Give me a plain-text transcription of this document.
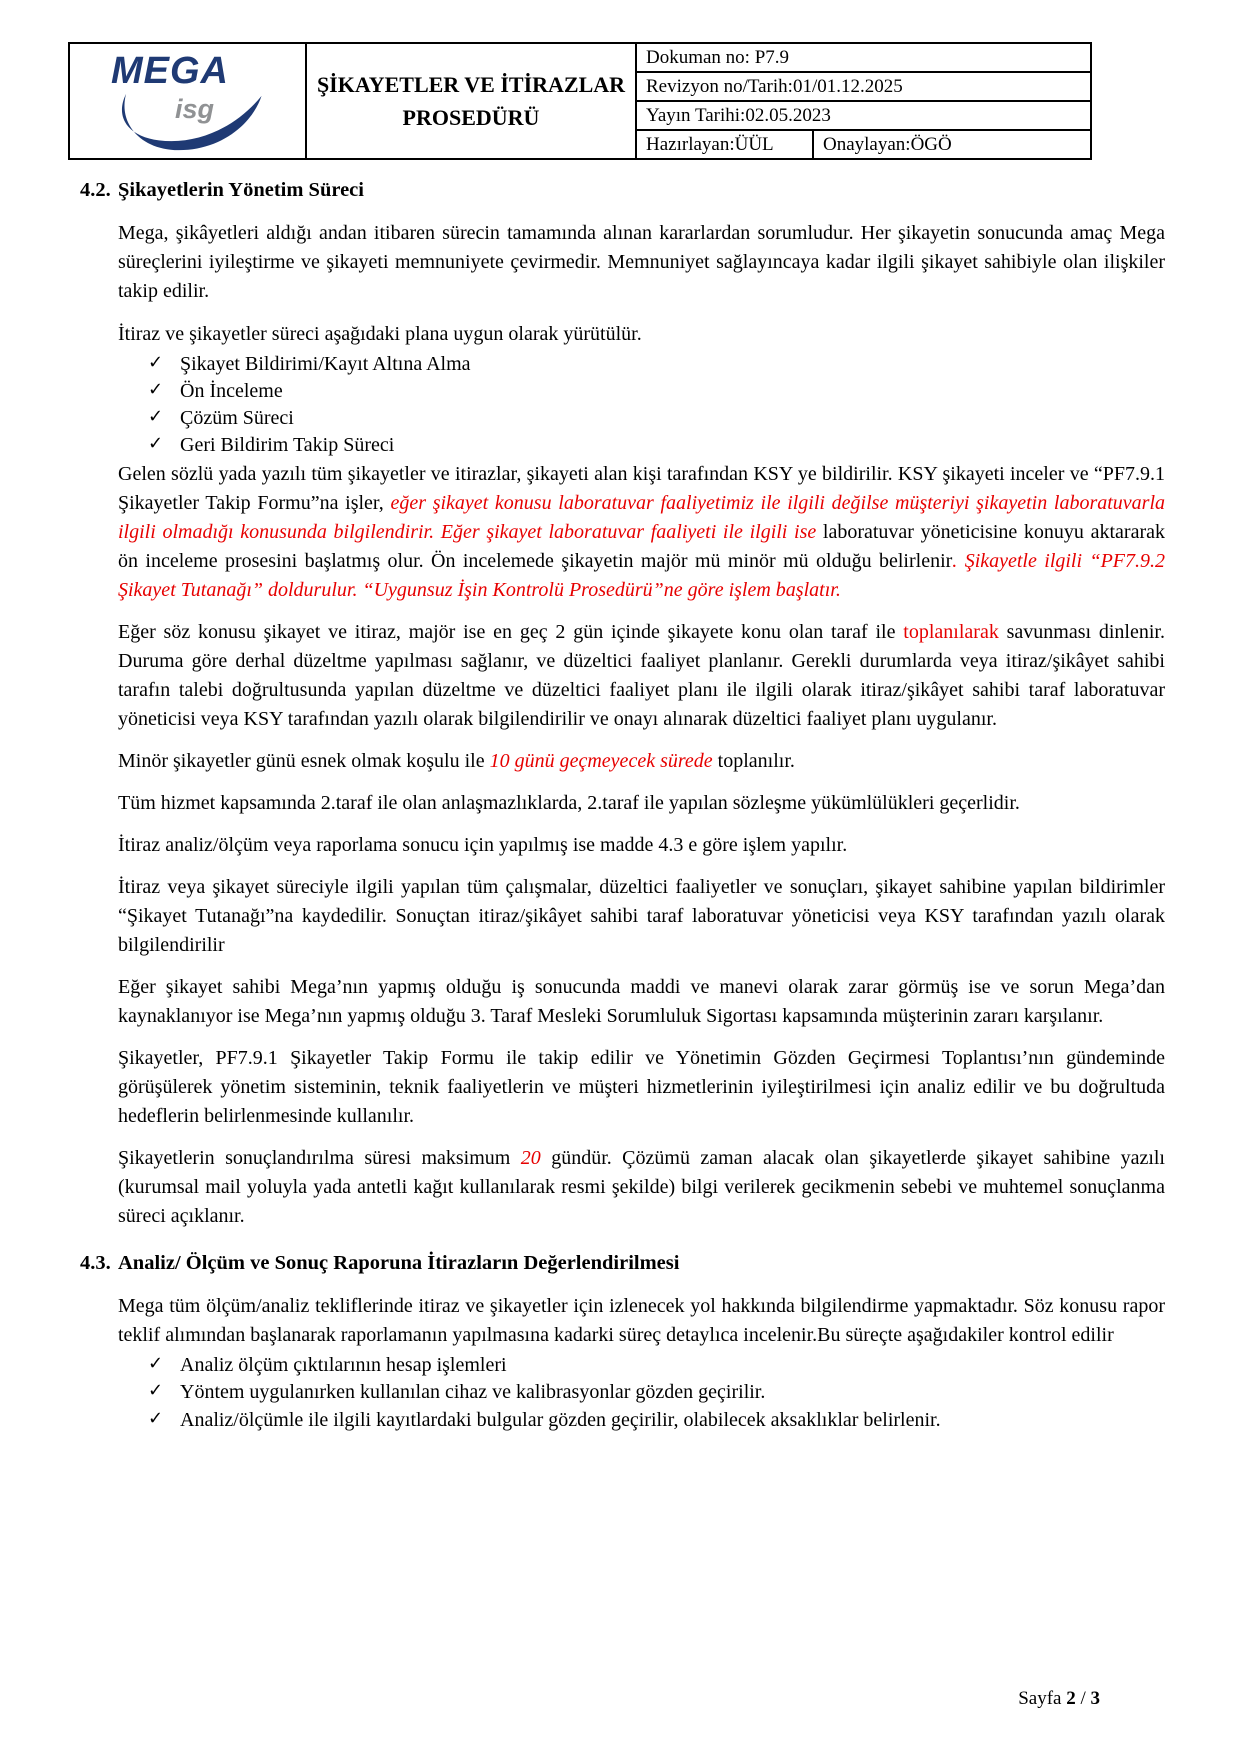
MEGA
isg
ŞİKAYETLER VE İTİRAZLAR
PROSEDÜRÜ
Dokuman no: P7.9
Revizyon no/Tarih:01/01.12.2025
Yayın Tarihi:02.05.2023
Hazırlayan:ÜÜL	Onaylayan:ÖGÖ
4.2. Şikayetlerin Yönetim Süreci

Mega, şikâyetleri aldığı andan itibaren sürecin tamamında alınan kararlardan sorumludur. Her şikayetin sonucunda amaç Mega süreçlerini iyileştirme ve şikayeti memnuniyete çevirmedir. Memnuniyet sağlayıncaya kadar ilgili şikayet sahibiyle olan ilişkiler takip edilir.

İtiraz ve şikayetler süreci aşağıdaki plana uygun olarak yürütülür.

✓ Şikayet Bildirimi/Kayıt Altına Alma
✓ Ön İnceleme
✓ Çözüm Süreci
✓ Geri Bildirim Takip Süreci

Gelen sözlü yada yazılı tüm şikayetler ve itirazlar, şikayeti alan kişi tarafından KSY ye bildirilir. KSY şikayeti inceler ve “PF7.9.1 Şikayetler Takip Formu”na işler, eğer şikayet konusu laboratuvar faaliyetimiz ile ilgili değilse müşteriyi şikayetin laboratuvarla ilgili olmadığı konusunda bilgilendirir. Eğer şikayet laboratuvar faaliyeti ile ilgili ise laboratuvar yöneticisine konuyu aktararak ön inceleme prosesini başlatmış olur. Ön incelemede şikayetin majör mü minör mü olduğu belirlenir. Şikayetle ilgili “PF7.9.2 Şikayet Tutanağı” doldurulur. “Uygunsuz İşin Kontrolü Prosedürü”ne göre işlem başlatır.

Eğer söz konusu şikayet ve itiraz, majör ise en geç 2 gün içinde şikayete konu olan taraf ile toplanılarak savunması dinlenir. Duruma göre derhal düzeltme yapılması sağlanır, ve düzeltici faaliyet planlanır. Gerekli durumlarda veya itiraz/şikâyet sahibi tarafın talebi doğrultusunda yapılan düzeltme ve düzeltici faaliyet planı ile ilgili olarak itiraz/şikâyet sahibi taraf laboratuvar yöneticisi veya KSY tarafından yazılı olarak bilgilendirilir ve onayı alınarak düzeltici faaliyet planı uygulanır.

Minör şikayetler günü esnek olmak koşulu ile 10 günü geçmeyecek sürede toplanılır.

Tüm hizmet kapsamında 2.taraf ile olan anlaşmazlıklarda, 2.taraf ile yapılan sözleşme yükümlülükleri geçerlidir.

İtiraz analiz/ölçüm veya raporlama sonucu için yapılmış ise madde 4.3 e göre işlem yapılır.

İtiraz veya şikayet süreciyle ilgili yapılan tüm çalışmalar, düzeltici faaliyetler ve sonuçları, şikayet sahibine yapılan bildirimler “Şikayet Tutanağı”na kaydedilir. Sonuçtan itiraz/şikâyet sahibi taraf laboratuvar yöneticisi veya KSY tarafından yazılı olarak bilgilendirilir

Eğer şikayet sahibi Mega’nın yapmış olduğu iş sonucunda maddi ve manevi olarak zarar görmüş ise ve sorun Mega’dan kaynaklanıyor ise Mega’nın yapmış olduğu 3. Taraf Mesleki Sorumluluk Sigortası kapsamında müşterinin zararı karşılanır.

Şikayetler, PF7.9.1 Şikayetler Takip Formu ile takip edilir ve Yönetimin Gözden Geçirmesi Toplantısı’nın gündeminde görüşülerek yönetim sisteminin, teknik faaliyetlerin ve müşteri hizmetlerinin iyileştirilmesi için analiz edilir ve bu doğrultuda hedeflerin belirlenmesinde kullanılır.

Şikayetlerin sonuçlandırılma süresi maksimum 20 gündür. Çözümü zaman alacak olan şikayetlerde şikayet sahibine yazılı (kurumsal mail yoluyla yada antetli kağıt kullanılarak resmi şekilde) bilgi verilerek gecikmenin sebebi ve muhtemel sonuçlanma süreci açıklanır.

4.3. Analiz/ Ölçüm ve Sonuç Raporuna İtirazların Değerlendirilmesi

Mega tüm ölçüm/analiz tekliflerinde itiraz ve şikayetler için izlenecek yol hakkında bilgilendirme yapmaktadır. Söz konusu rapor teklif alımından başlanarak raporlamanın yapılmasına kadarki süreç detaylıca incelenir.Bu süreçte aşağıdakiler kontrol edilir

✓ Analiz ölçüm çıktılarının hesap işlemleri
✓ Yöntem uygulanırken kullanılan cihaz ve kalibrasyonlar gözden geçirilir.
✓ Analiz/ölçümle ile ilgili kayıtlardaki bulgular gözden geçirilir, olabilecek aksaklıklar belirlenir.
Sayfa 2 / 3
